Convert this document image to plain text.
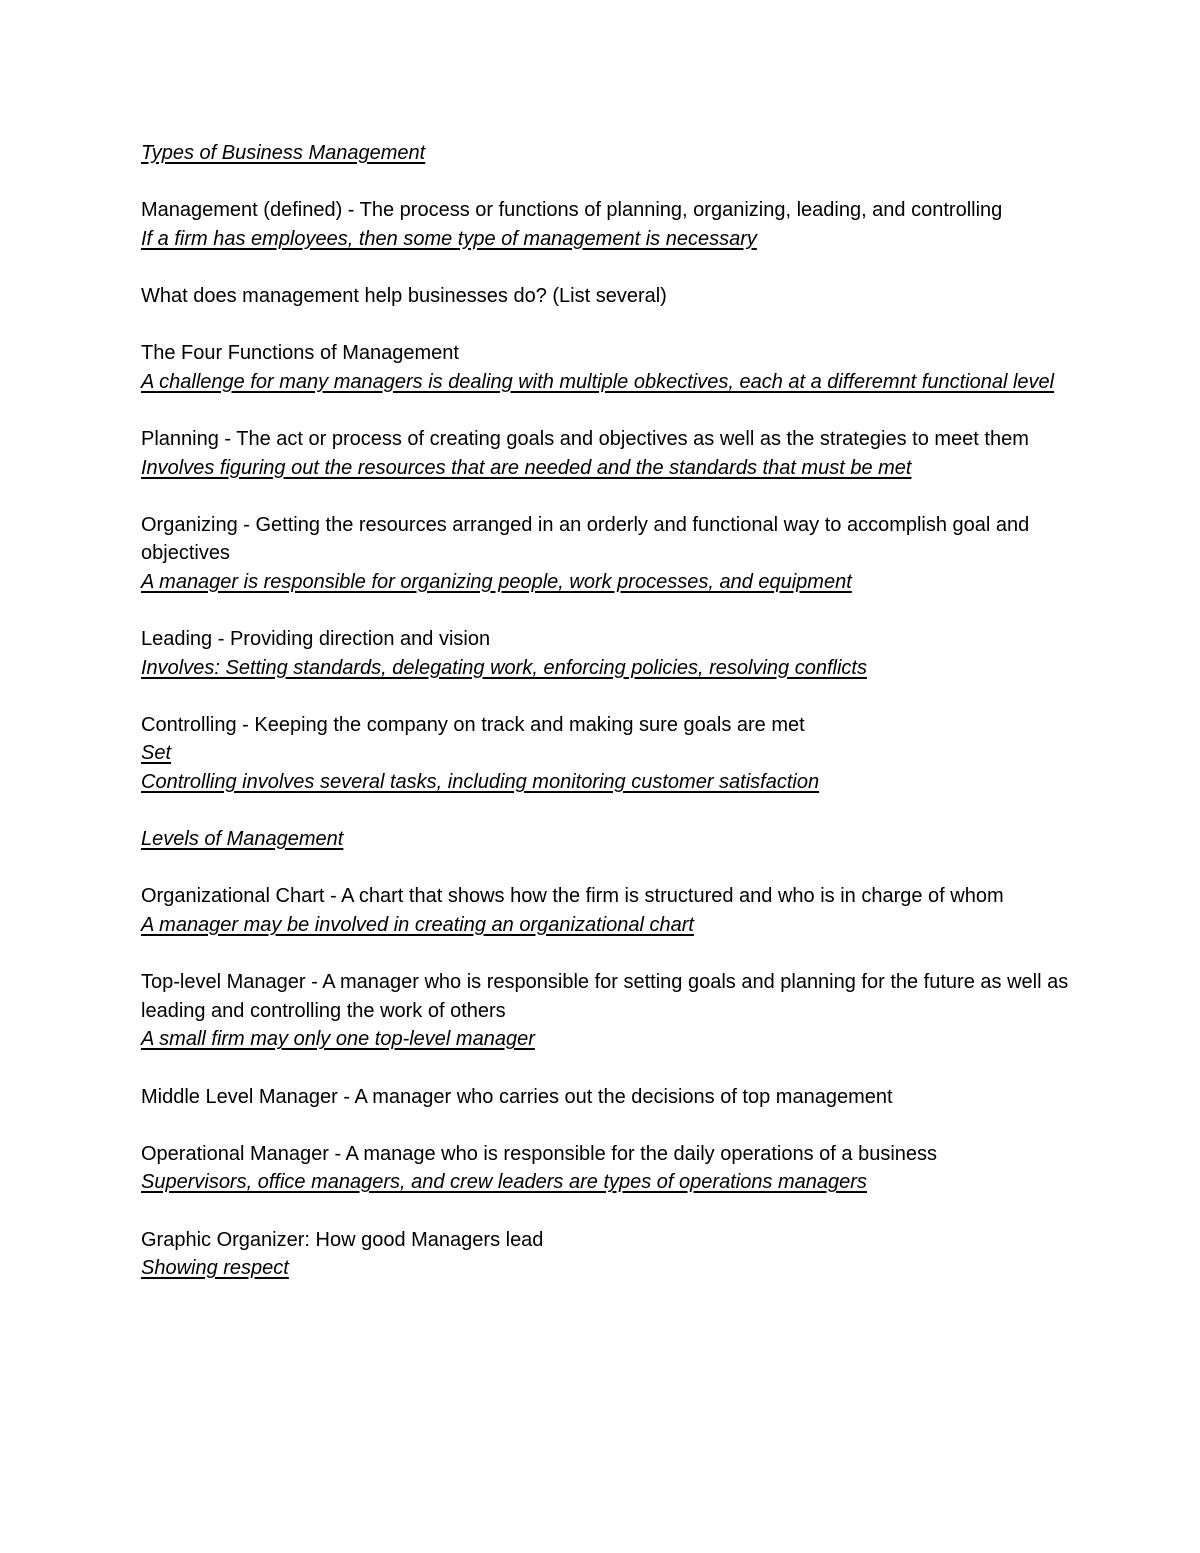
Types of Business Management

Management (defined) - The process or functions of planning, organizing, leading, and controlling

If a firm has employees, then some type of management is necessary

What does management help businesses do? (List several)

The Four Functions of Management

A challenge for many managers is dealing with multiple obkectives, each at a differemnt functional level

Planning - The act or process of creating goals and objectives as well as the strategies to meet them

Involves figuring out the resources that are needed and the standards that must be met

Organizing - Getting the resources arranged in an orderly and functional way to accomplish goal and objectives

A manager is responsible for organizing people, work processes, and equipment

Leading - Providing direction and vision

Involves: Setting standards, delegating work, enforcing policies, resolving conflicts

Controlling - Keeping the company on track and making sure goals are met

Set

Controlling involves several tasks, including monitoring customer satisfaction

Levels of Management

Organizational Chart - A chart that shows how the firm is structured and who is in charge of whom

A manager may be involved in creating an organizational chart

Top-level Manager - A manager who is responsible for setting goals and planning for the future as well as leading and controlling the work of others

A small firm may only one top-level manager

Middle Level Manager - A manager who carries out the decisions of top management

Operational Manager - A manage who is responsible for the daily operations of a business

Supervisors, office managers, and crew leaders are types of operations managers

Graphic Organizer: How good Managers lead

Showing respect
